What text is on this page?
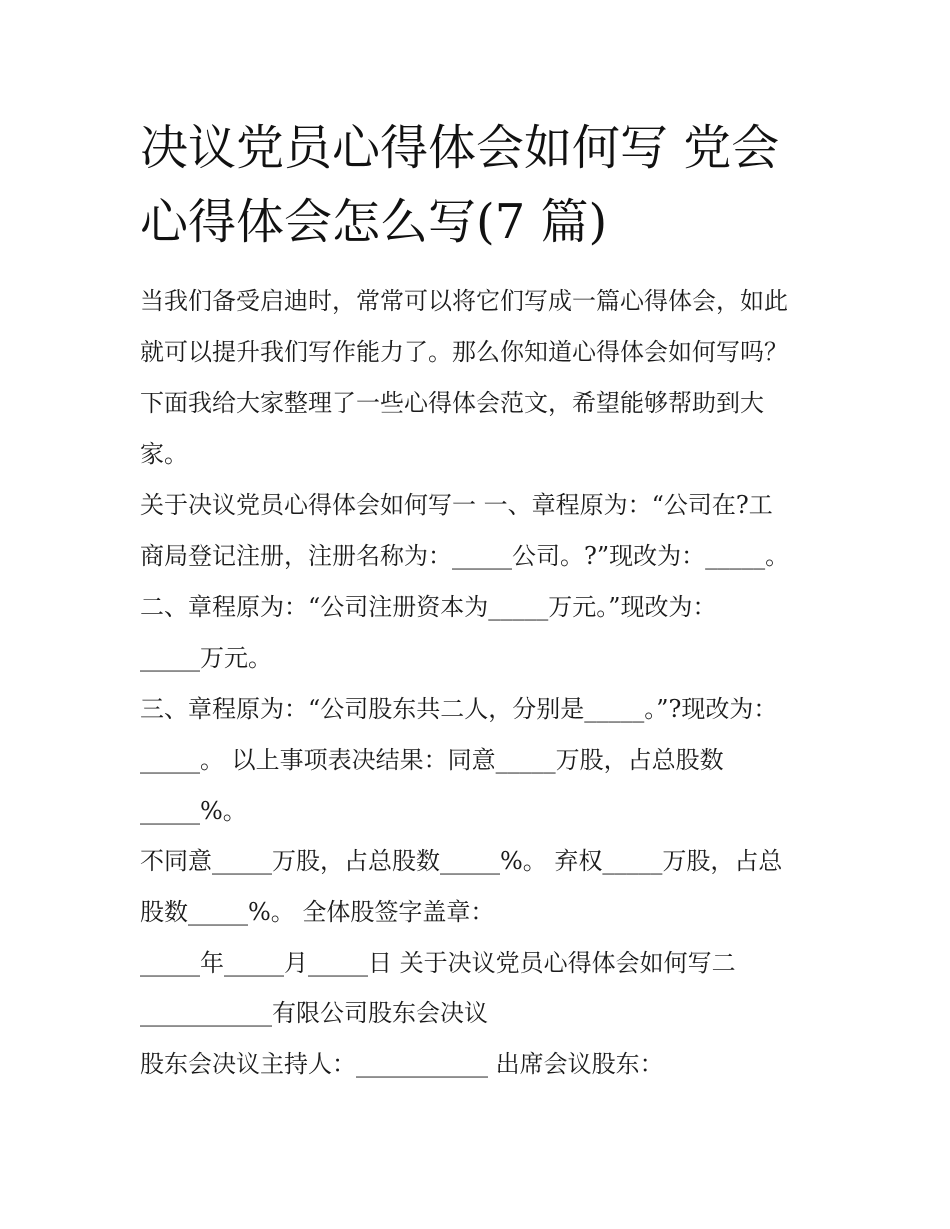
决议党员心得体会如何写 党会
心得体会怎么写(7 篇)

当我们备受启迪时，常常可以将它们写成一篇心得体会，如此

就可以提升我们写作能力了。那么你知道心得体会如何写吗？

下面我给大家整理了一些心得体会范文，希望能够帮助到大

家。

关于决议党员心得体会如何写一 一、章程原为：“公司在?工

商局登记注册，注册名称为：_____公司。?”现改为：_____。

二、章程原为：“公司注册资本为_____万元。”现改为：

_____万元。

三、章程原为：“公司股东共二人，分别是_____。”?现改为：

_____。 以上事项表决结果：同意_____万股，占总股数

_____%。

不同意_____万股，占总股数_____%。 弃权_____万股，占总

股数_____%。 全体股签字盖章：

_____年_____月_____日 关于决议党员心得体会如何写二

___________有限公司股东会决议

股东会决议主持人：___________ 出席会议股东：
